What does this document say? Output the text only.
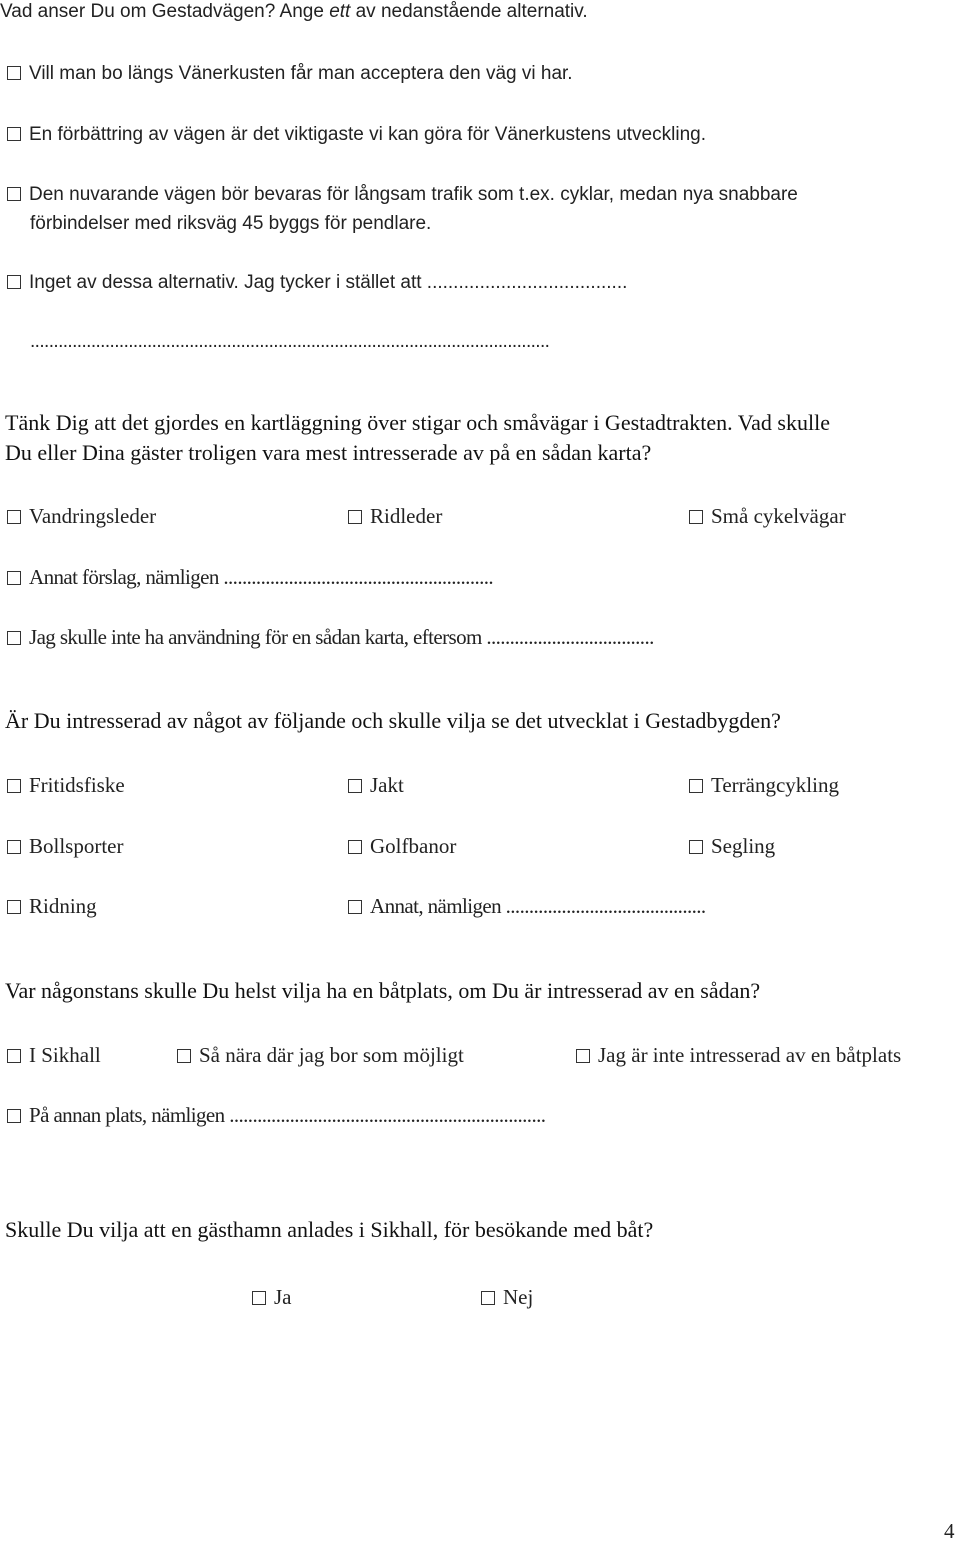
Vad anser Du om Gestadvägen? Ange ett av nedanstående alternativ.
Vill man bo längs Vänerkusten får man acceptera den väg vi har.
En förbättring av vägen är det viktigaste vi kan göra för Vänerkustens utveckling.
Den nuvarande vägen bör bevaras för långsam trafik som t.ex. cyklar, medan nya snabbare
förbindelser med riksväg 45 byggs för pendlare.
Inget av dessa alternativ. Jag tycker i stället att ......................................
...............................................................................................................
Tänk Dig att det gjordes en kartläggning över stigar och småvägar i Gestadtrakten. Vad skulle
Du eller Dina gäster troligen vara mest intresserade av på en sådan karta?
Vandringsleder	Ridleder	Små cykelvägar
Annat förslag, nämligen ..........................................................
Jag skulle inte ha användning för en sådan karta, eftersom ....................................
Är Du intresserad av något av följande och skulle vilja se det utvecklat i Gestadbygden?
Fritidsfiske	Jakt	Terrängcykling
Bollsporter	Golfbanor	Segling
Ridning	Annat, nämligen ...........................................
Var någonstans skulle Du helst vilja ha en båtplats, om Du är intresserad av en sådan?
I Sikhall	Så nära där jag bor som möjligt	Jag är inte intresserad av en båtplats
På annan plats, nämligen ....................................................................
Skulle Du vilja att en gästhamn anlades i Sikhall, för besökande med båt?
Ja	Nej
4
